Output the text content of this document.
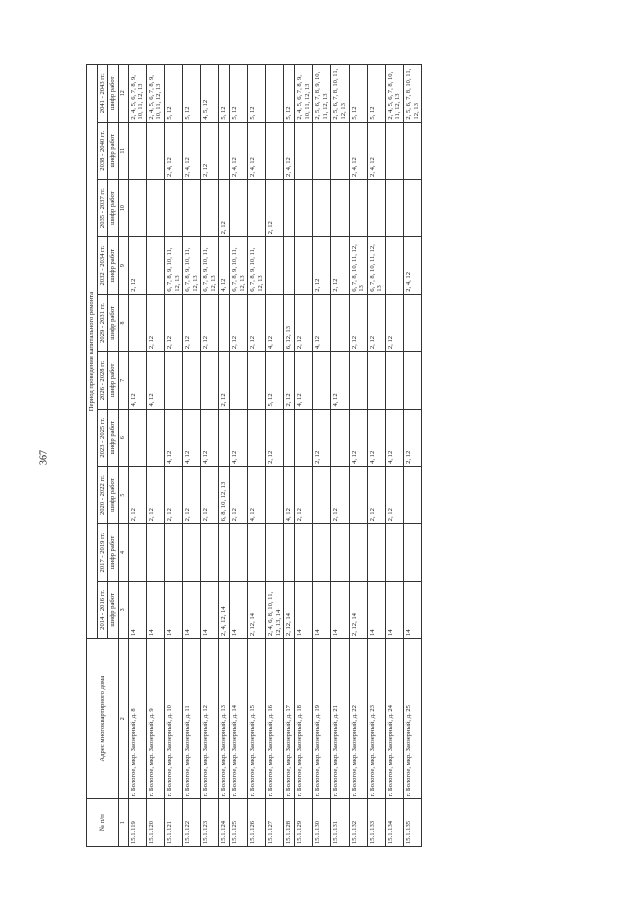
367
№ п/п	Адрес многоквартирного дома	Период проведения капитального ремонта									
		2014 - 2016 гг.	2017 - 2019 гг.	2020 - 2022 гг.	2023 - 2025 гг.	2026 - 2028 гг.	2029 - 2031 гг.	2032 - 2034 гг.	2035 - 2037 гг.	2038 - 2040 гг.	2041 - 2043 гг.
		шифр работ	шифр работ	шифр работ	шифр работ	шифр работ	шифр работ	шифр работ	шифр работ	шифр работ	шифр работ
1	2	3	4	5	6	7	8	9	10	11	12
15.1.119	г. Бологое, мкр. Заозерный, д. 8	14		2, 12		4, 12		2, 12			2, 4, 5, 6, 7, 8, 9, 10, 11, 12, 13
15.1.120	г. Бологое, мкр. Заозерный, д. 9	14		2, 12		4, 12	2, 12				2, 4, 5, 6, 7, 8, 9, 10, 11, 12, 13
15.1.121	г. Бологое, мкр. Заозерный, д. 10	14		2, 12	4, 12		2, 12	6, 7, 8, 9, 10, 11, 12, 13		2, 4, 12	5, 12
15.1.122	г. Бологое, мкр. Заозерный, д. 11	14		2, 12	4, 12		2, 12	6, 7, 8, 9, 10, 11, 12, 13		2, 4, 12	5, 12
15.1.123	г. Бологое, мкр. Заозерный, д. 12	14		2, 12	4, 12		2, 12	6, 7, 8, 9, 10, 11, 12, 13		2, 12	4, 5, 12
15.1.124	г. Бологое, мкр. Заозерный, д. 13	2, 4, 12, 14		6, 8, 10, 12, 13		2, 12		4, 12	2, 12		5, 12
15.1.125	г. Бологое, мкр. Заозерный, д. 14	14		2, 12	4, 12		2, 12	6, 7, 8, 9, 10, 11, 12, 13		2, 4, 12	5, 12
15.1.126	г. Бологое, мкр. Заозерный, д. 15	2, 12, 14		4, 12			2, 12	6, 7, 8, 9, 10, 11, 12, 13		2, 4, 12	5, 12
15.1.127	г. Бологое, мкр. Заозерный, д. 16	2, 4, 6, 8, 10, 11, 12, 13, 14			2, 12	5, 12	4, 12		2, 12		
15.1.128	г. Бологое, мкр. Заозерный, д. 17	2, 12, 14		4, 12		2, 12	6, 12, 13			2, 4, 12	5, 12
15.1.129	г. Бологое, мкр. Заозерный, д. 18	14		2, 12		4, 12	2, 12				2, 4, 5, 6, 7, 8, 9, 10, 11, 12, 13
15.1.130	г. Бологое, мкр. Заозерный, д. 19	14			2, 12		4, 12	2, 12			2, 5, 6, 7, 8, 9, 10, 11, 12, 13
15.1.131	г. Бологое, мкр. Заозерный, д. 21	14		2, 12		4, 12		2, 12			2, 5, 6, 7, 8, 10, 11, 12, 13
15.1.132	г. Бологое, мкр. Заозерный, д. 22	2, 12, 14			4, 12		2, 12	6, 7, 8, 10, 11, 12, 13		2, 4, 12	5, 12
15.1.133	г. Бологое, мкр. Заозерный, д. 23	14		2, 12	4, 12		2, 12	6, 7, 8, 10, 11, 12, 13		2, 4, 12	5, 12
15.1.134	г. Бологое, мкр. Заозерный, д. 24	14		2, 12	4, 12		2, 12				2, 4, 5, 6, 7, 8, 10, 11, 12, 13
15.1.135	г. Бологое, мкр. Заозерный, д. 25	14			2, 12			2, 4, 12			2, 5, 6, 7, 8, 10, 11, 12, 13
